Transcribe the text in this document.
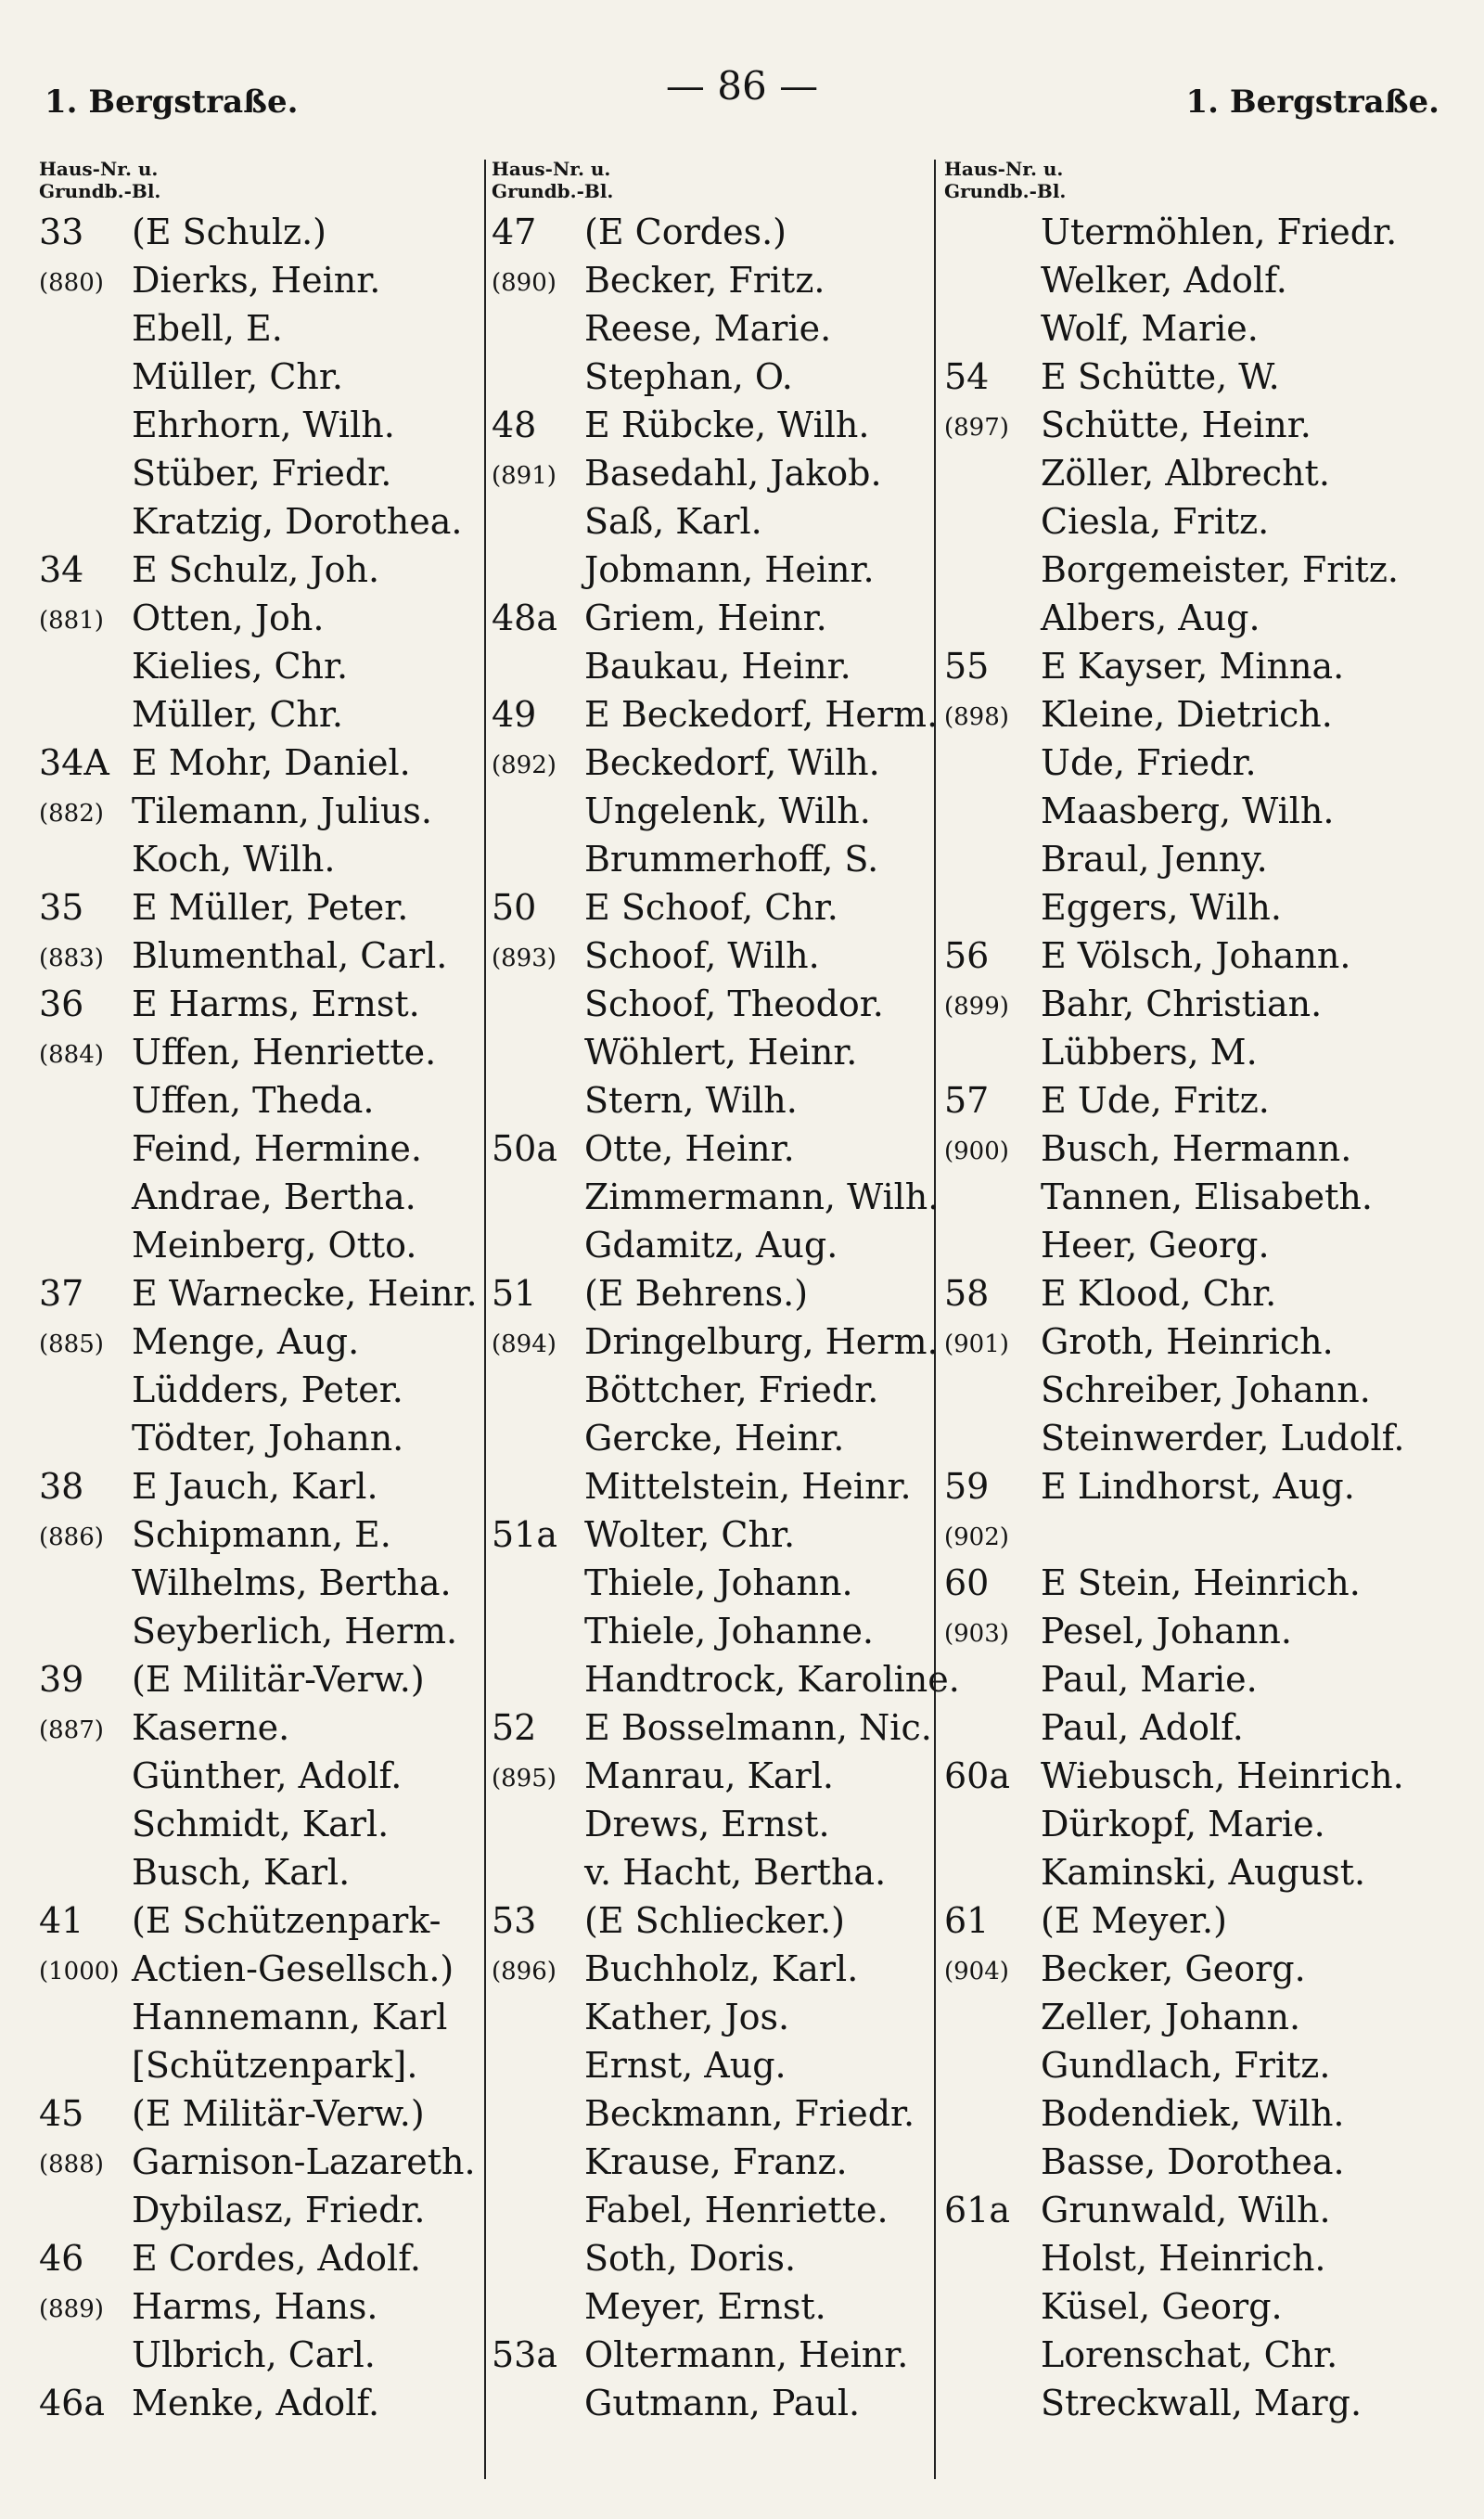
1. Bergstraße.	— 86 —	1. Bergstraße.
Haus-Nr. u.
Grundb.-Bl.
33 (E Schulz.)
(880) Dierks, Heinr.
Ebell, E.
Müller, Chr.
Ehrhorn, Wilh.
Stüber, Friedr.
Kratzig, Dorothea.
34 E Schulz, Joh.
(881) Otten, Joh.
Kielies, Chr.
Müller, Chr.
34A E Mohr, Daniel.
(882) Tilemann, Julius.
Koch, Wilh.
35 E Müller, Peter.
(883) Blumenthal, Carl.
36 E Harms, Ernst.
(884) Uffen, Henriette.
Uffen, Theda.
Feind, Hermine.
Andrae, Bertha.
Meinberg, Otto.
37 E Warnecke, Heinr.
(885) Menge, Aug.
Lüdders, Peter.
Tödter, Johann.
38 E Jauch, Karl.
(886) Schipmann, E.
Wilhelms, Bertha.
Seyberlich, Herm.
39 (E Militär-Verw.)
(887) Kaserne.
Günther, Adolf.
Schmidt, Karl.
Busch, Karl.
41 (E Schützenpark-
(1000) Actien-Gesellsch.)
Hannemann, Karl
[Schützenpark].
45 (E Militär-Verw.)
(888) Garnison-Lazareth.
Dybilasz, Friedr.
46 E Cordes, Adolf.
(889) Harms, Hans.
Ulbrich, Carl.
46a Menke, Adolf.
Haus-Nr. u.
Grundb.-Bl.
47 (E Cordes.)
(890) Becker, Fritz.
Reese, Marie.
Stephan, O.
48 E Rübcke, Wilh.
(891) Basedahl, Jakob.
Saß, Karl.
Jobmann, Heinr.
48a Griem, Heinr.
Baukau, Heinr.
49 E Beckedorf, Herm.
(892) Beckedorf, Wilh.
Ungelenk, Wilh.
Brummerhoff, S.
50 E Schoof, Chr.
(893) Schoof, Wilh.
Schoof, Theodor.
Wöhlert, Heinr.
Stern, Wilh.
50a Otte, Heinr.
Zimmermann, Wilh.
Gdamitz, Aug.
51 (E Behrens.)
(894) Dringelburg, Herm.
Böttcher, Friedr.
Gercke, Heinr.
Mittelstein, Heinr.
51a Wolter, Chr.
Thiele, Johann.
Thiele, Johanne.
Handtrock, Karoline.
52 E Bosselmann, Nic.
(895) Manrau, Karl.
Drews, Ernst.
v. Hacht, Bertha.
53 (E Schliecker.)
(896) Buchholz, Karl.
Kather, Jos.
Ernst, Aug.
Beckmann, Friedr.
Krause, Franz.
Fabel, Henriette.
Soth, Doris.
Meyer, Ernst.
53a Oltermann, Heinr.
Gutmann, Paul.
Haus-Nr. u.
Grundb.-Bl.
Utermöhlen, Friedr.
Welker, Adolf.
Wolf, Marie.
54 E Schütte, W.
(897) Schütte, Heinr.
Zöller, Albrecht.
Ciesla, Fritz.
Borgemeister, Fritz.
Albers, Aug.
55 E Kayser, Minna.
(898) Kleine, Dietrich.
Ude, Friedr.
Maasberg, Wilh.
Braul, Jenny.
Eggers, Wilh.
56 E Völsch, Johann.
(899) Bahr, Christian.
Lübbers, M.
57 E Ude, Fritz.
(900) Busch, Hermann.
Tannen, Elisabeth.
Heer, Georg.
58 E Klood, Chr.
(901) Groth, Heinrich.
Schreiber, Johann.
Steinwerder, Ludolf.
59 E Lindhorst, Aug.
(902)
60 E Stein, Heinrich.
(903) Pesel, Johann.
Paul, Marie.
Paul, Adolf.
60a Wiebusch, Heinrich.
Dürkopf, Marie.
Kaminski, August.
61 (E Meyer.)
(904) Becker, Georg.
Zeller, Johann.
Gundlach, Fritz.
Bodendiek, Wilh.
Basse, Dorothea.
61a Grunwald, Wilh.
Holst, Heinrich.
Küsel, Georg.
Lorenschat, Chr.
Streckwall, Marg.
